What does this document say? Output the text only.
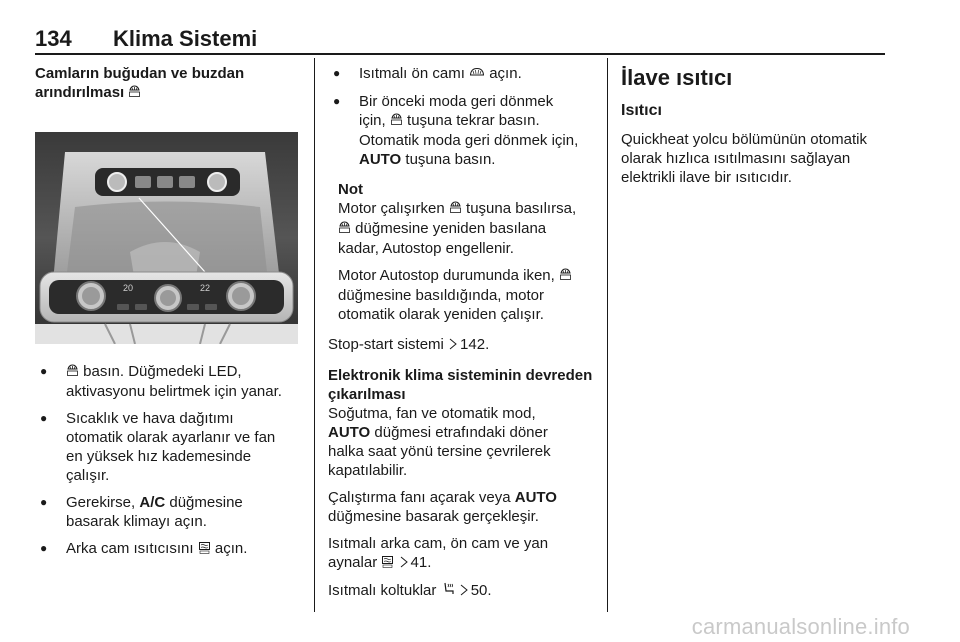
134 Klima Sistemi
Camların buğudan ve buzdan
arındırılması
20	22
● basın. Düğmedeki LED,
aktivasyonu belirtmek için yanar.
● Sıcaklık ve hava dağıtımı
otomatik olarak ayarlanır ve fan
en yüksek hız kademesinde
çalışır.
● Gerekirse, A/C düğmesine
basarak klimayı açın.
● Arka cam ısıtıcısını açın.
● Isıtmalı ön camı açın.
● Bir önceki moda geri dönmek
için, tuşuna tekrar basın.
Otomatik moda geri dönmek için,
AUTO tuşuna basın.
Not
Motor çalışırken tuşuna basılırsa,
düğmesine yeniden basılana
kadar, Autostop engellenir.
Motor Autostop durumunda iken,
düğmesine basıldığında, motor
otomatik olarak yeniden çalışır.
Stop-start sistemi 142.
Elektronik klima sisteminin devreden
çıkarılması
Soğutma, fan ve otomatik mod,
AUTO düğmesi etrafındaki döner
halka saat yönü tersine çevrilerek
kapatılabilir.
Çalıştırma fanı açarak veya AUTO
düğmesine basarak gerçekleşir.
Isıtmalı arka cam, ön cam ve yan
aynalar 41.
Isıtmalı koltuklar 50.
İlave ısıtıcı
Isıtıcı
Quickheat yolcu bölümünün otomatik
olarak hızlıca ısıtılmasını sağlayan
elektrikli ilave bir ısıtıcıdır.
carmanualsonline.info
